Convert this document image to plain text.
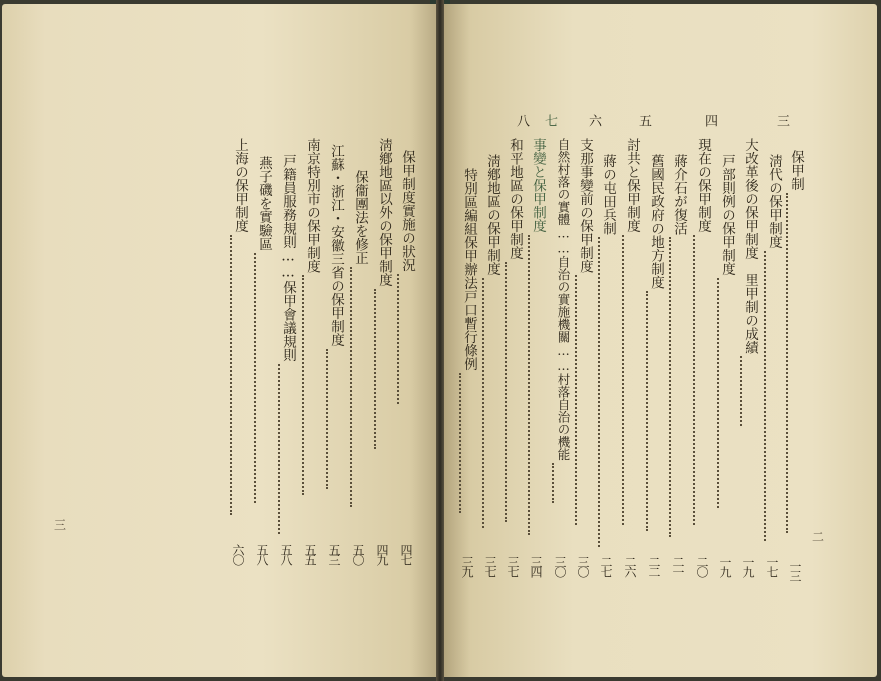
保甲制度實施の狀況
四七
淸鄕地區以外の保甲制度
四九
保衞團法を修正
五〇
江蘇・浙江・安徽三省の保甲制度
五三
南京特別市の保甲制度
五五
戸籍員服務規則……保甲會議規則
五八
燕子磯を實驗區
五八
上海の保甲制度
六〇
三
三
保甲制
一三
淸代の保甲制度
一七
大改革後の保甲制度　里甲制の成績
一九
戸部則例の保甲制度
一九
四
現在の保甲制度
二〇
蔣介石が復活
二一
舊國民政府の地方制度
二二
五
討共と保甲制度
二六
蔣の屯田兵制
二七
六
支那事變前の保甲制度
三〇
自然村落の實體……自治の實施機關……村落自治の機能
三〇
七
事變と保甲制度
三四
八
和平地區の保甲制度
三七
淸鄕地區の保甲制度
三七
特別區編組保甲辦法戸口暫行條例
三九
二
